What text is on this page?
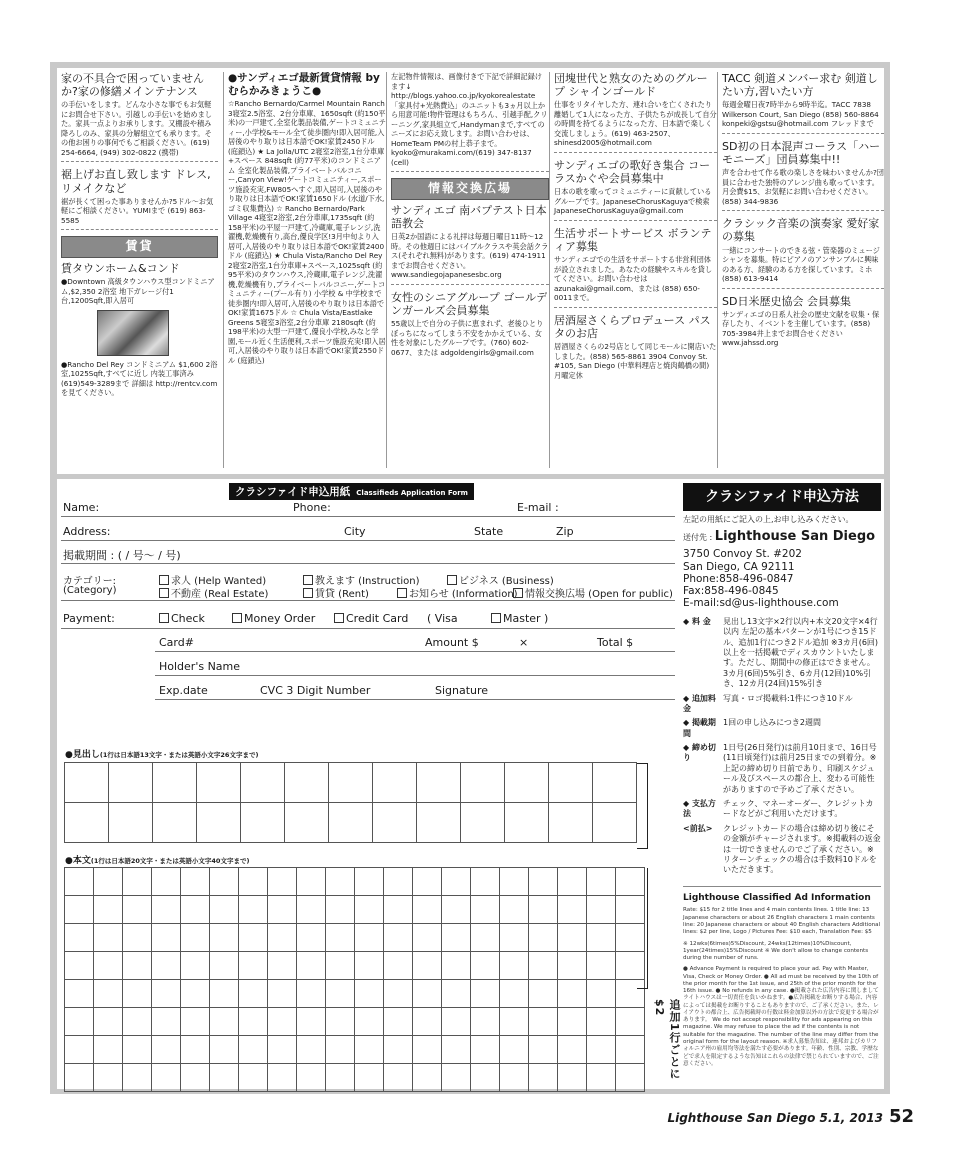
家の不具合で困っていませんか?家の修繕メインテナンス

の手伝いをします。どんな小さな事でもお気軽にお問合せ下さい。引越しの手伝いを始めました。家具一点よりお承りします。又棚設や積み降ろしのみ、家具の分解組立ても承ります。その他お困りの事何でもご相談ください。(619) 254-6664, (949) 302-0822 (携帯)

裾上げお直し致します ドレス,リメイクなど

裾が長くて困った事ありませんか?5ドル〜お気軽にご相談ください。YUMIまで (619) 863-5585

賃貸

賃タウンホーム&コンド

●Downtown 高級タウンハウス型コンドミニアム,$2,350 2浴室 地下ガレージ付1台,1200Sqft,即入居可

●Rancho Del Rey コンドミニアム $1,600 2浴室,1025Sqft,すべてに近し 内装工事済み (619)549-3289まで 詳細は http://rentcv.comを見てください。

●サンディエゴ最新賃貸情報 by むらかみきょうこ●

☆Rancho Bernardo/Carmel Mountain Ranch 3寝室2.5浴室、2台分車庫、1650sqft (約150平米)の一戸建て,全室化製品装備,ゲートコミュニティー,小学校&モール全て徒歩圏内!即入居可能,入居後のやり取りは日本語でOK!家賃2450ドル (庭鎖込) ★ La Jolla/UTC 2寝室2浴室,1台分車庫+スペース 848sqft (約77平米)のコンドミニアム 全室化製品装備,プライベートバルコニー,Canyon View!ゲートコミュニティー,スポーツ施設充実,FW805へすぐ,即入居可,入居後のやり取りは日本語でOK!家賃1650ドル (水道/下水,ゴミ収集費込) ☆ Rancho Bernardo/Park Village 4寝室2浴室,2台分車庫,1735sqft (約158平米)の平屋一戸建て,冷蔵庫,電子レンジ,洗濯機,乾燥機有り,高台,優良学区!3月中旬より入居可,入居後のやり取りは日本語でOK!家賃2400ドル (庭鎖込) ★ Chula Vista/Rancho Del Rey 2寝室2浴室,1台分車庫+スペース,1025sqft (約95平米)のタウンハウス,冷蔵庫,電子レンジ,洗濯機,乾燥機有り,プライベートバルコニー,ゲートコミュニティー(プール有り) 小学校 & 中学校まで徒歩圏内!即入居可,入居後のやり取りは日本語でOK!家賃1675ドル ☆ Chula Vista/Eastlake Greens 5寝室3浴室,2台分車庫 2180sqft (約198平米)の大型一戸建て,優良小学校,みなと学園,モール近く生活便利,スポーツ施設充実!即入居可,入居後のやり取りは日本語でOK!家賃2550ドル (庭鎖込)

左記物件情報は、画像付きで下記で詳細記録けます↓ http://blogs.yahoo.co.jp/kyokorealestate 「家具付+光熱費込」のユニットも3ヵ月以上から用意可能!物件管理はもちろん、引越手配,クリーニング,家具組立て,Handymanまで,すべてのニーズにお応え致します。お問い合わせは、HomeTeam PMの村上恭子まで。kyoko@murakami.com/(619) 347-8137 (cell)

情報交換広場

サンディエゴ 南バプテスト日本語教会

日英2か国語による礼拝は毎週日曜日11時〜12時。その他週日にはバイブルクラスや英会話クラス(それぞれ無料)があります。(619) 474-1911までお問合せください。www.sandiegojapanesesbc.org

女性のシニアグループ ゴールデンガールズ会員募集

55歳以上で自分の子供に恵まれず、老後ひとりぼっちになってしまう不安をかかえている、女性を対象にしたグループです。(760) 602-0677、または adgoldengirls@gmail.com

団塊世代と熟女のためのグループ シャインゴールド

仕事をリタイヤした方、連れ合いを亡くされたり離婚して1人になった方、子供たちが成長して自分の時間を持てるようになった方、日本語で楽しく交流しましょう。(619) 463-2507、shinesd2005@hotmail.com

サンディエゴの歌好き集合 コーラスかぐや会員募集中

日本の歌を歌ってコミュニティーに貢献しているグループです。JapaneseChorusKaguyaで検索 JapaneseChorusKaguya@gmail.com

生活サポートサービス ボランティア募集

サンディエゴでの生活をサポートする非営利団体が設立されました。あなたの経験やスキルを貸してください。お問い合わせはazunakai@gmail.com、または (858) 650-0011まで。

居酒屋さくらプロデュース パスタのお店

居酒屋さくらの2号店として同じモールに開店いたしました。(858) 565-8861 3904 Convoy St. #105, San Diego (中華料理店と焼肉鶴橋の間) 月曜定休

TACC 剣道メンバー求む 剣道したい方,習いたい方

毎週金曜日夜7時半から9時半迄。TACC 7838 Wilkerson Court, San Diego (858) 560-8864 konpeki@gstsu@hotmail.com フレッドまで

SD初の日本混声コーラス「ハーモニーズ」団員募集中!!

声を合わせて作る歌の楽しさを味わいませんか?団員に合わせた独特のアレンジ曲も歌っています。月会費$15、お気軽にお問い合わせください。(858) 344-9836

クラシック音楽の演奏家 愛好家の募集

一緒にコンサートのできる弦・管楽器のミュージシャンを募集。特にピアノのアンサンブルに興味のある方、経験のある方を探しています。ミホ (858) 613-9414

SD日米歴史協会 会員募集

サンディエゴの日系人社会の歴史文献を収集・保存したり、イベントを主催しています。(858) 705-3984井上までお問合せください www.jahssd.org

クラシファイド申込用紙 Classifieds Application Form
Name:	Phone:	E-mail :
Address:	City	State	Zip
掲載期間 : ( / 号〜 / 号)
カテゴリー:
(Category)
求人 (Help Wanted)	教えます (Instruction)	ビジネス (Business)
不動産 (Real Estate)	賃貸 (Rent)	お知らせ (Information) 情報交換広場 (Open for public)
Payment:	Check	Money Order	Credit Card ( Visa	Master )
Card#	Amount $	×	Total $
Holder's Name
Exp.date	CVC 3 Digit Number	Signature
●見出し(1行は日本語13文字・または英語小文字26文字まで)
●本文(1行は日本語20文字・または英語小文字40文字まで)
追加1行ごとに$2
クラシファイド申込方法

左記の用紙にご記入の上,お申し込みください。

送付先 : Lighthouse San Diego

3750 Convoy St. #202
San Diego, CA 92111
Phone:858-496-0847
Fax:858-496-0845
E-mail:sd@us-lighthouse.com
◆ 料 金	見出し13文字×2行以内+本文20文字×4行以内 左記の基本パターンが1号につき15ドル、追加1行につき2ドル追加 ※3カ月(6回)以上を一括掲載でディスカウントいたします。ただし、期間中の修正はできません。 3カ月(6回)5%引き、6カ月(12回)10%引き、12カ月(24回)15%引き
◆ 追加料金
写真・ロゴ掲載料:1件につき10ドル
◆ 掲載期間
1回の申し込みにつき2週間
◆ 締め切り
1日号(26日発行)は前月10日まで、16日号(11日頃発行)は前月25日までの到着分。※上記の締め切り日前であり、印刷スケジュール及びスペースの都合上、変わる可能性がありますので予めご了承ください。
◆ 支払方法
チェック、マネーオーダー、クレジットカードなどがご利用いただけます。
<前払>	クレジットカードの場合は締め切り後にその金額がチャージされます。※掲載料の返金は一切できませんのでご了承ください。※リターンチェックの場合は手数料10ドルをいただきます。
Lighthouse Classified Ad Information

Rate: $15 for 2 title lines and 4 main contents lines. 1 title line: 13 Japanese characters or about 26 English characters 1 main contents line: 20 Japanese characters or about 40 English characters Additional lines: $2 per line, Logo / Pictures Fee: $10 each, Translation Fee: $5

※ 12wks(6times)5%Discount, 24wks(12times)10%Discount, 1year(24times)15%Discount ※ We don't allow to change contents during the number of runs.

● Advance Payment is required to place your ad. Pay with Master, Visa, Check or Money Order. ● All ad must be received by the 10th of the prior month for the 1st issue, and 25th of the prior month for the 16th issue. ● No refunds in any case. ●掲載された広告内容に関しましてライトハウスは一切責任を負いかねます。●広告掲載をお断りする場合、内容によっては掲載をお断りすることもありますので、ご了承ください。また、レイアウトの都合上、広告掲載時の行数は料金加算以外の方法で変更する場合があります。 We do not accept responsibility for ads appearing on this magazine. We may refuse to place the ad if the contents is not suitable for the magazine. The number of the line may differ from the original form for the layout reason. ※求人募集告知は、連邦およびカリフォルニア州の雇用均等法を満たす必要があります。年齢、性別、宗教、学歴などで求人を限定するような告知はこれらの法律で禁じられていますので、ご注意ください。

Lighthouse San Diego 5.1, 2013 52
